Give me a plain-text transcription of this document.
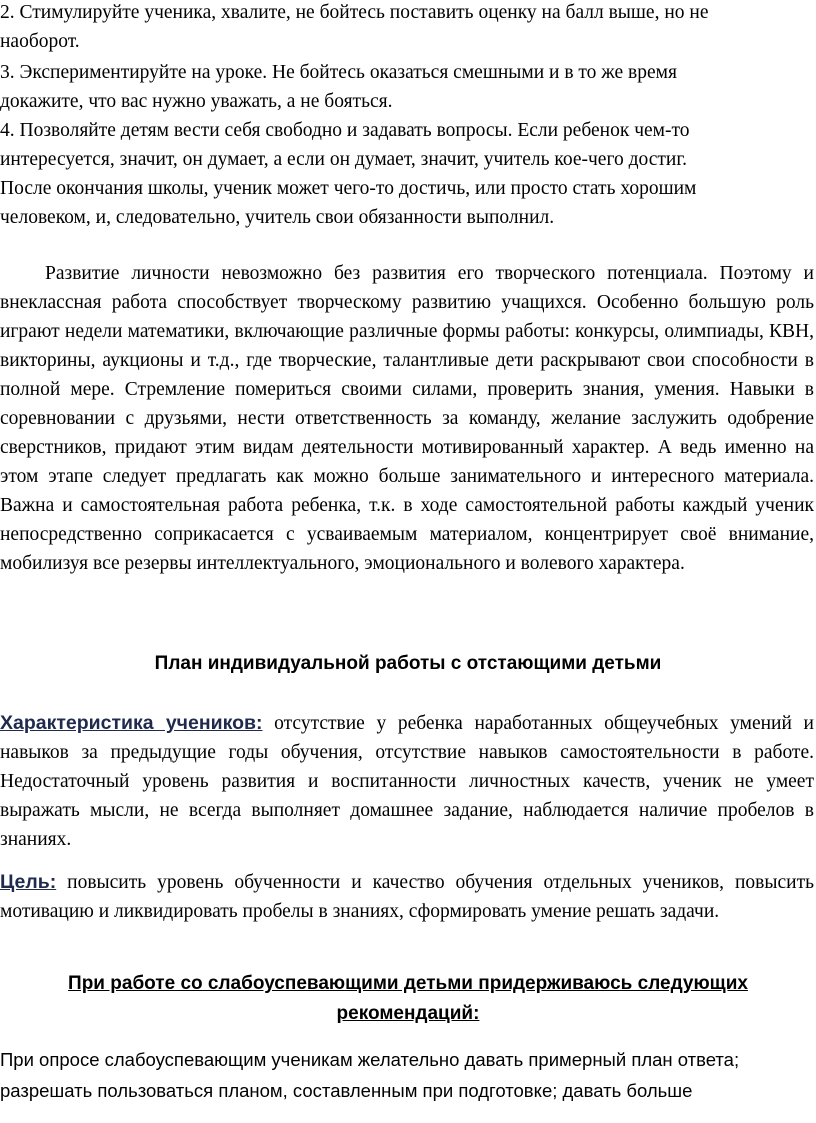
2. Стимулируйте ученика, хвалите, не бойтесь поставить оценку на балл выше, но не
наоборот.
3. Экспериментируйте на уроке. Не бойтесь оказаться смешными и в то же время
докажите, что вас нужно уважать, а не бояться.
4. Позволяйте детям вести себя свободно и задавать вопросы. Если ребенок чем-то
интересуется, значит, он думает, а если он думает, значит, учитель кое-чего достиг.
После окончания школы, ученик может чего-то достичь, или просто стать хорошим
человеком, и, следовательно, учитель свои обязанности выполнил.
Развитие личности невозможно без развития его творческого потенциала. Поэтому и внеклассная работа способствует творческому развитию учащихся. Особенно большую роль играют недели математики, включающие различные формы работы: конкурсы, олимпиады, КВН, викторины, аукционы и т.д., где творческие, талантливые дети раскрывают свои способности в полной мере. Стремление помериться своими силами, проверить знания, умения. Навыки в соревновании с друзьями, нести ответственность за команду, желание заслужить одобрение сверстников, придают этим видам деятельности мотивированный характер. А ведь именно на этом этапе следует предлагать как можно больше занимательного и интересного материала. Важна и самостоятельная работа ребенка, т.к. в ходе самостоятельной работы каждый ученик непосредственно соприкасается с усваиваемым материалом, концентрирует своё внимание, мобилизуя все резервы интеллектуального, эмоционального и волевого характера.
План индивидуальной работы с отстающими детьми
Характеристика учеников: отсутствие у ребенка наработанных общеучебных умений и навыков за предыдущие годы обучения, отсутствие навыков самостоятельности в работе. Недостаточный уровень развития и воспитанности личностных качеств, ученик не умеет выражать мысли, не всегда выполняет домашнее задание, наблюдается наличие пробелов в знаниях.
Цель: повысить уровень обученности и качество обучения отдельных учеников, повысить мотивацию и ликвидировать пробелы в знаниях, сформировать умение решать задачи.
При работе со слабоуспевающими детьми придерживаюсь следующих
рекомендаций:
При опросе слабоуспевающим ученикам желательно давать примерный план ответа;
разрешать пользоваться планом, составленным при подготовке; давать больше
